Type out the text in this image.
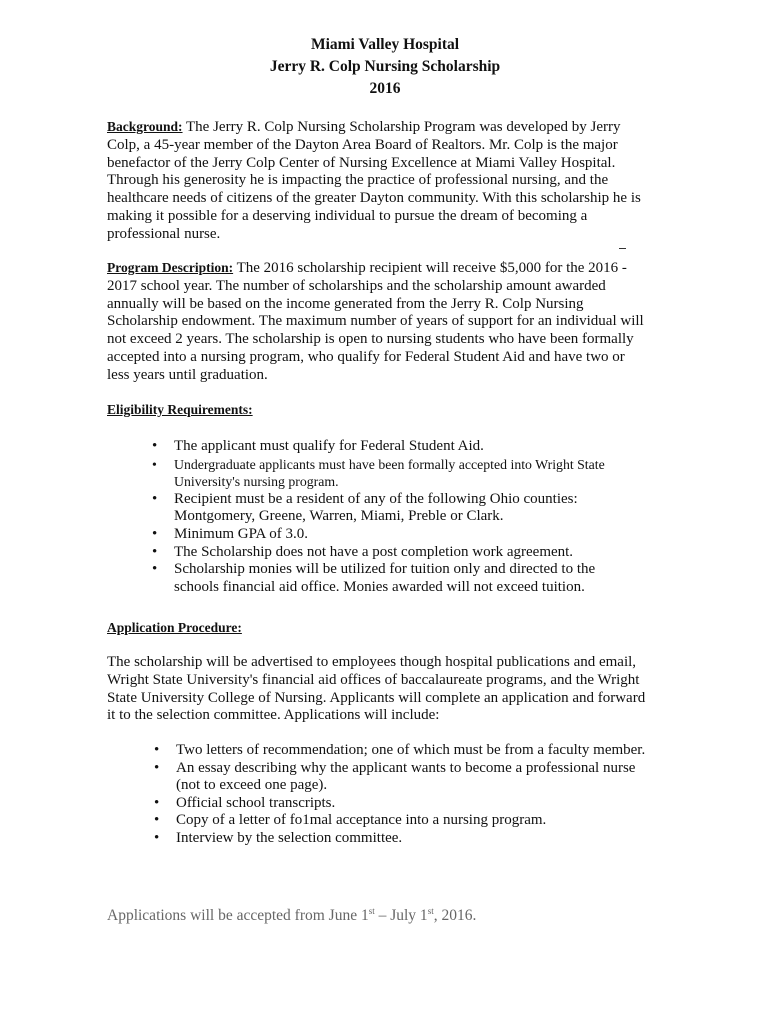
Miami Valley Hospital
Jerry R. Colp Nursing Scholarship
2016
Background: The Jerry R. Colp Nursing Scholarship Program was developed by Jerry Colp, a 45-year member of the Dayton Area Board of Realtors. Mr. Colp is the major benefactor of the Jerry Colp Center of Nursing Excellence at Miami Valley Hospital. Through his generosity he is impacting the practice of professional nursing, and the healthcare needs of citizens of the greater Dayton community. With this scholarship he is making it possible for a deserving individual to pursue the dream of becoming a professional nurse.
Program Description: The 2016 scholarship recipient will receive $5,000 for the 2016 - 2017 school year. The number of scholarships and the scholarship amount awarded annually will be based on the income generated from the Jerry R. Colp Nursing Scholarship endowment. The maximum number of years of support for an individual will not exceed 2 years. The scholarship is open to nursing students who have been formally accepted into a nursing program, who qualify for Federal Student Aid and have two or less years until graduation.
Eligibility Requirements:
• The applicant must qualify for Federal Student Aid.
• Undergraduate applicants must have been formally accepted into Wright State University's nursing program.
• Recipient must be a resident of any of the following Ohio counties: Montgomery, Greene, Warren, Miami, Preble or Clark.
• Minimum GPA of 3.0.
• The Scholarship does not have a post completion work agreement.
• Scholarship monies will be utilized for tuition only and directed to the schools financial aid office. Monies awarded will not exceed tuition.
Application Procedure:
The scholarship will be advertised to employees though hospital publications and email, Wright State University's financial aid offices of baccalaureate programs, and the Wright State University College of Nursing. Applicants will complete an application and forward it to the selection committee. Applications will include:
• Two letters of recommendation; one of which must be from a faculty member.
• An essay describing why the applicant wants to become a professional nurse (not to exceed one page).
• Official school transcripts.
• Copy of a letter of fo1mal acceptance into a nursing program.
• Interview by the selection committee.
Applications will be accepted from June 1st – July 1st, 2016.
